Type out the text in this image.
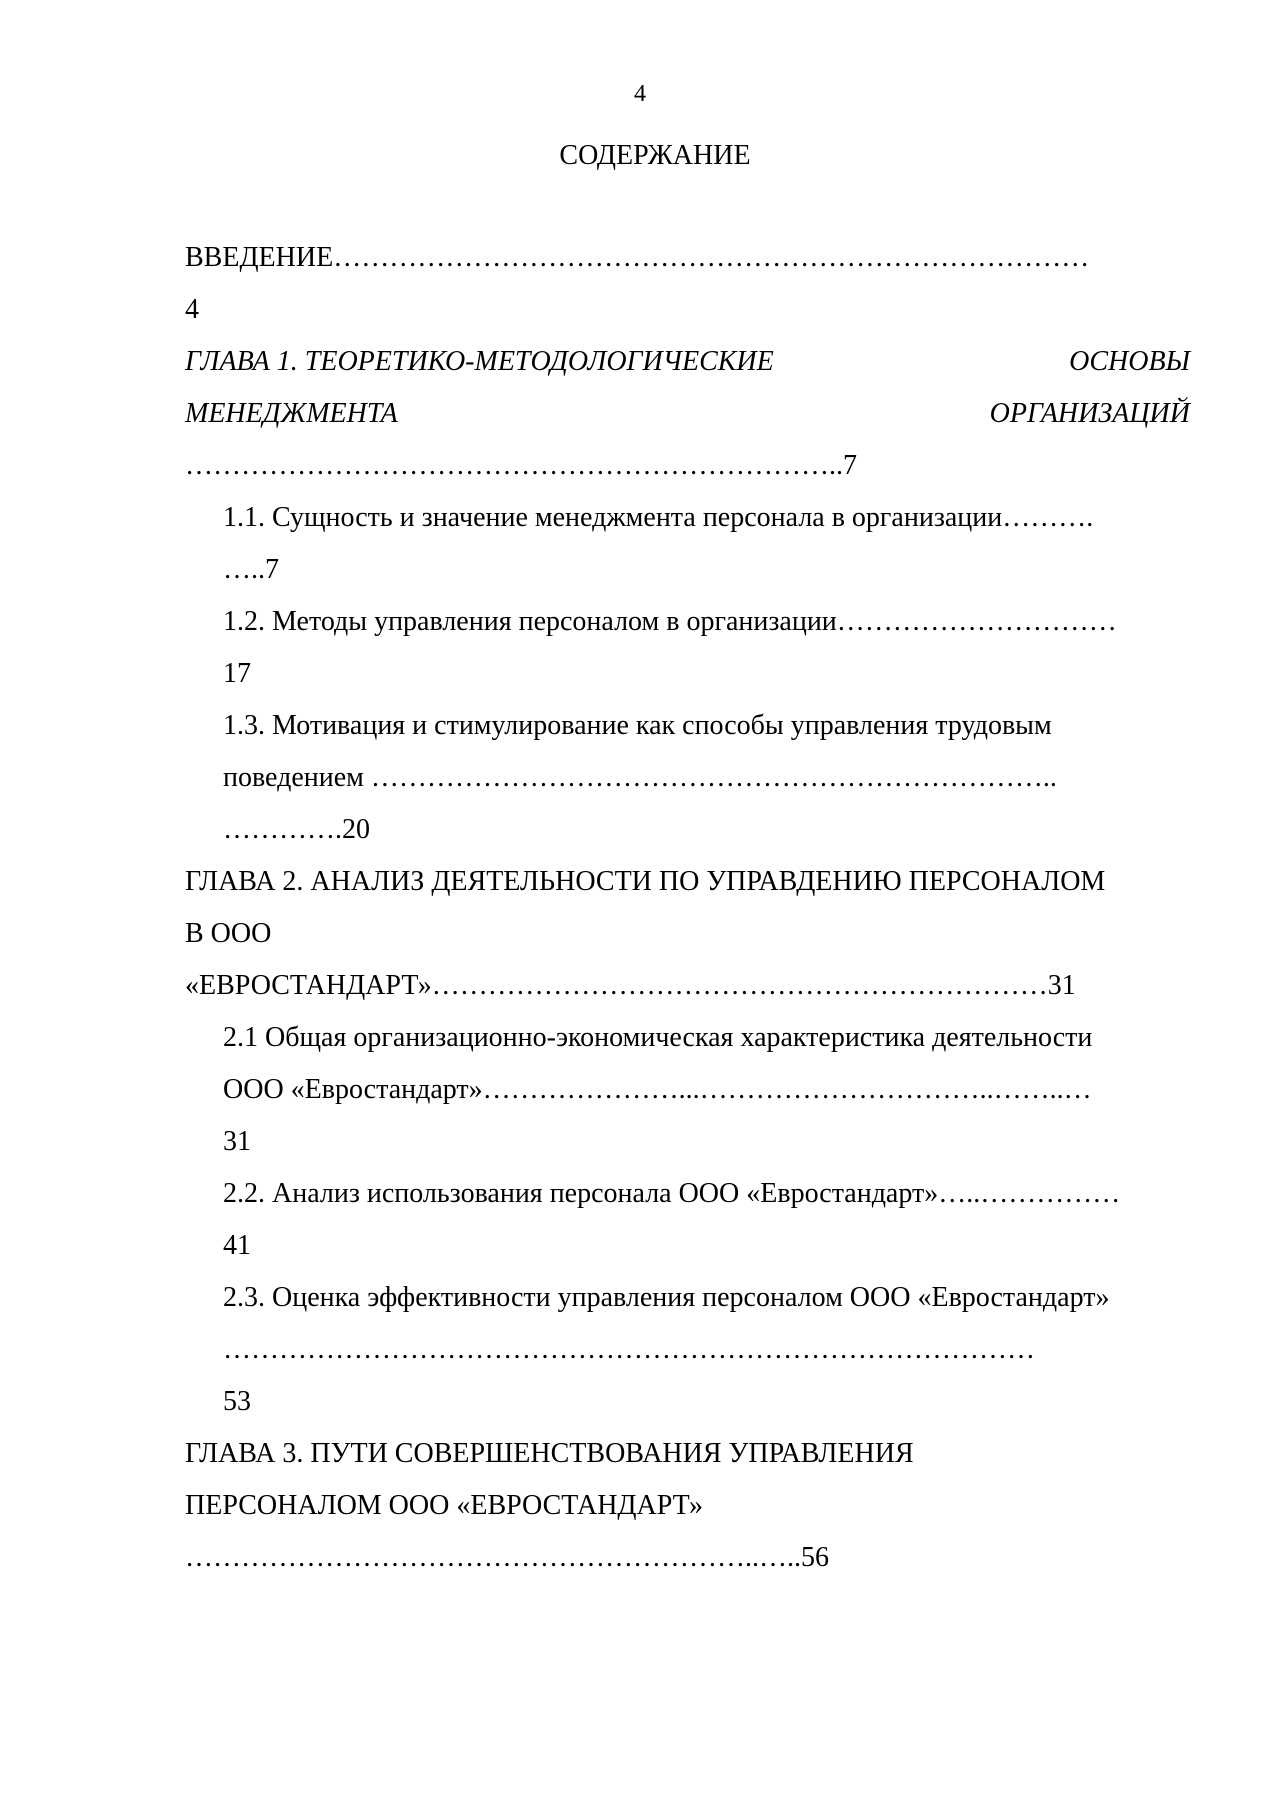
4
СОДЕРЖАНИЕ
ВВЕДЕНИЕ………………………………………………………………………
4
ГЛАВА 1. ТЕОРЕТИКО-МЕТОДОЛОГИЧЕСКИЕ	ОСНОВЫ
МЕНЕДЖМЕНТА	ОРГАНИЗАЦИЙ
……………………………………………………………..7
1.1. Сущность и значение менеджмента персонала в организации……….
…..7
1.2. Методы управления персоналом в организации…………………………
17
1.3. Мотивация и стимулирование как способы управления трудовым
поведением ………………………………………………………………..
………….20
ГЛАВА 2. АНАЛИЗ ДЕЯТЕЛЬНОСТИ ПО УПРАВДЕНИЮ ПЕРСОНАЛОМ
В ООО
«ЕВРОСТАНДАРТ»…………………………………………………………31
2.1 Общая организационно-экономическая характеристика деятельности
ООО «Евростандарт»…………………...…………………………..……..…
31
2.2. Анализ использования персонала ООО «Евростандарт»…..……………
41
2.3. Оценка эффективности управления персоналом ООО «Евростандарт»
……………………………………………………………………………
53
ГЛАВА 3. ПУТИ СОВЕРШЕНСТВОВАНИЯ УПРАВЛЕНИЯ
ПЕРСОНАЛОМ ООО «ЕВРОСТАНДАРТ»
……………………………………………………..…..56
